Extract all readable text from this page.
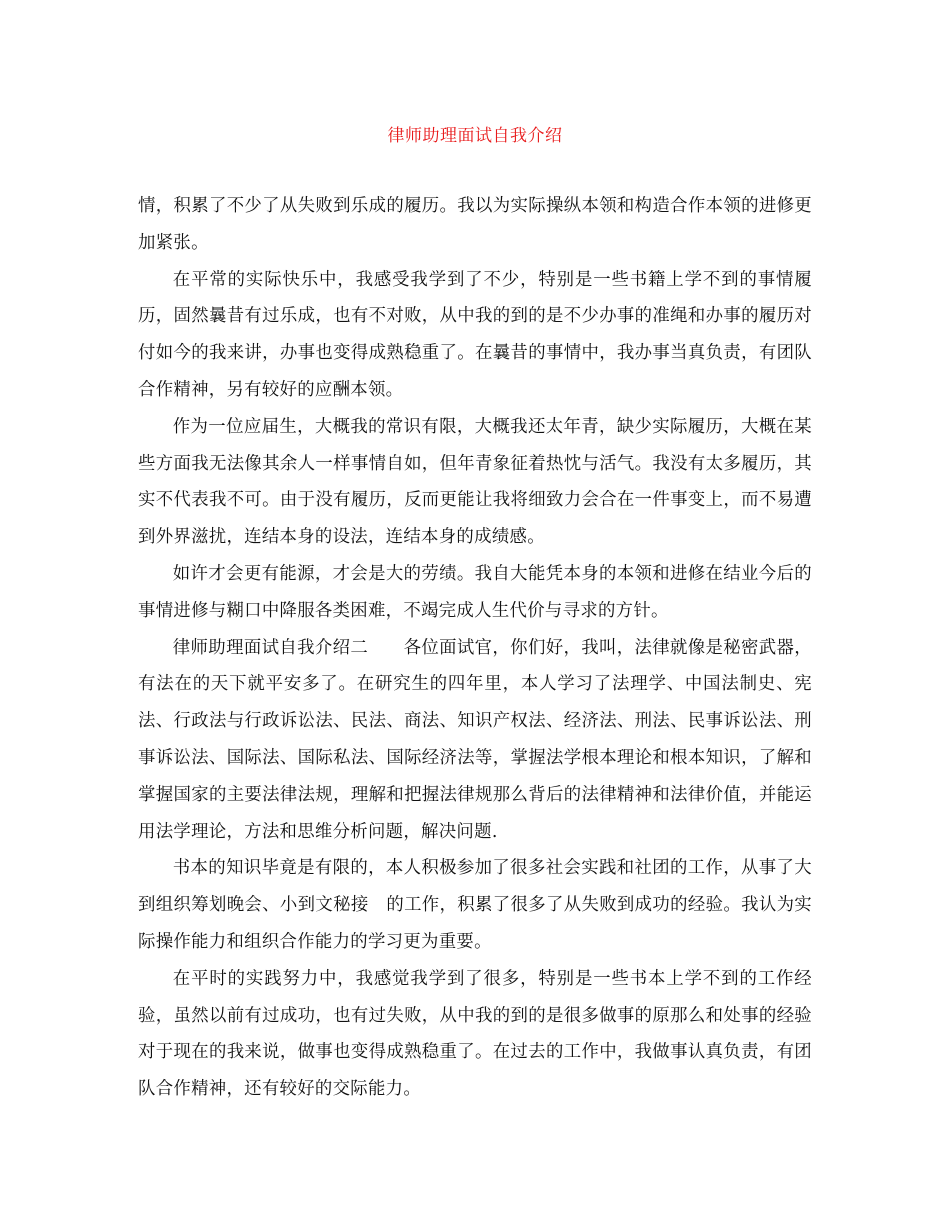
律师助理面试自我介绍

情，积累了不少了从失败到乐成的履历。我以为实际操纵本领和构造合作本领的进修更加紧张。

在平常的实际快乐中，我感受我学到了不少，特别是一些书籍上学不到的事情履历，固然曩昔有过乐成，也有不对败，从中我的到的是不少办事的准绳和办事的履历对付如今的我来讲，办事也变得成熟稳重了。在曩昔的事情中，我办事当真负责，有团队合作精神，另有较好的应酬本领。

作为一位应届生，大概我的常识有限，大概我还太年青，缺少实际履历，大概在某些方面我无法像其余人一样事情自如，但年青象征着热忱与活气。我没有太多履历，其实不代表我不可。由于没有履历，反而更能让我将细致力会合在一件事变上，而不易遭到外界滋扰，连结本身的设法，连结本身的成绩感。

如许才会更有能源，才会是大的劳绩。我自大能凭本身的本领和进修在结业今后的事情进修与糊口中降服各类困难，不竭完成人生代价与寻求的方针。

律师助理面试自我介绍二　　各位面试官，你们好，我叫，法律就像是秘密武器，有法在的天下就平安多了。在研究生的四年里，本人学习了法理学、中国法制史、宪法、行政法与行政诉讼法、民法、商法、知识产权法、经济法、刑法、民事诉讼法、刑事诉讼法、国际法、国际私法、国际经济法等，掌握法学根本理论和根本知识，了解和掌握国家的主要法律法规，理解和把握法律规那么背后的法律精神和法律价值，并能运用法学理论，方法和思维分析问题，解决问题.

书本的知识毕竟是有限的，本人积极参加了很多社会实践和社团的工作，从事了大到组织筹划晚会、小到文秘接　的工作，积累了很多了从失败到成功的经验。我认为实际操作能力和组织合作能力的学习更为重要。

在平时的实践努力中，我感觉我学到了很多，特别是一些书本上学不到的工作经验，虽然以前有过成功，也有过失败，从中我的到的是很多做事的原那么和处事的经验对于现在的我来说，做事也变得成熟稳重了。在过去的工作中，我做事认真负责，有团队合作精神，还有较好的交际能力。
